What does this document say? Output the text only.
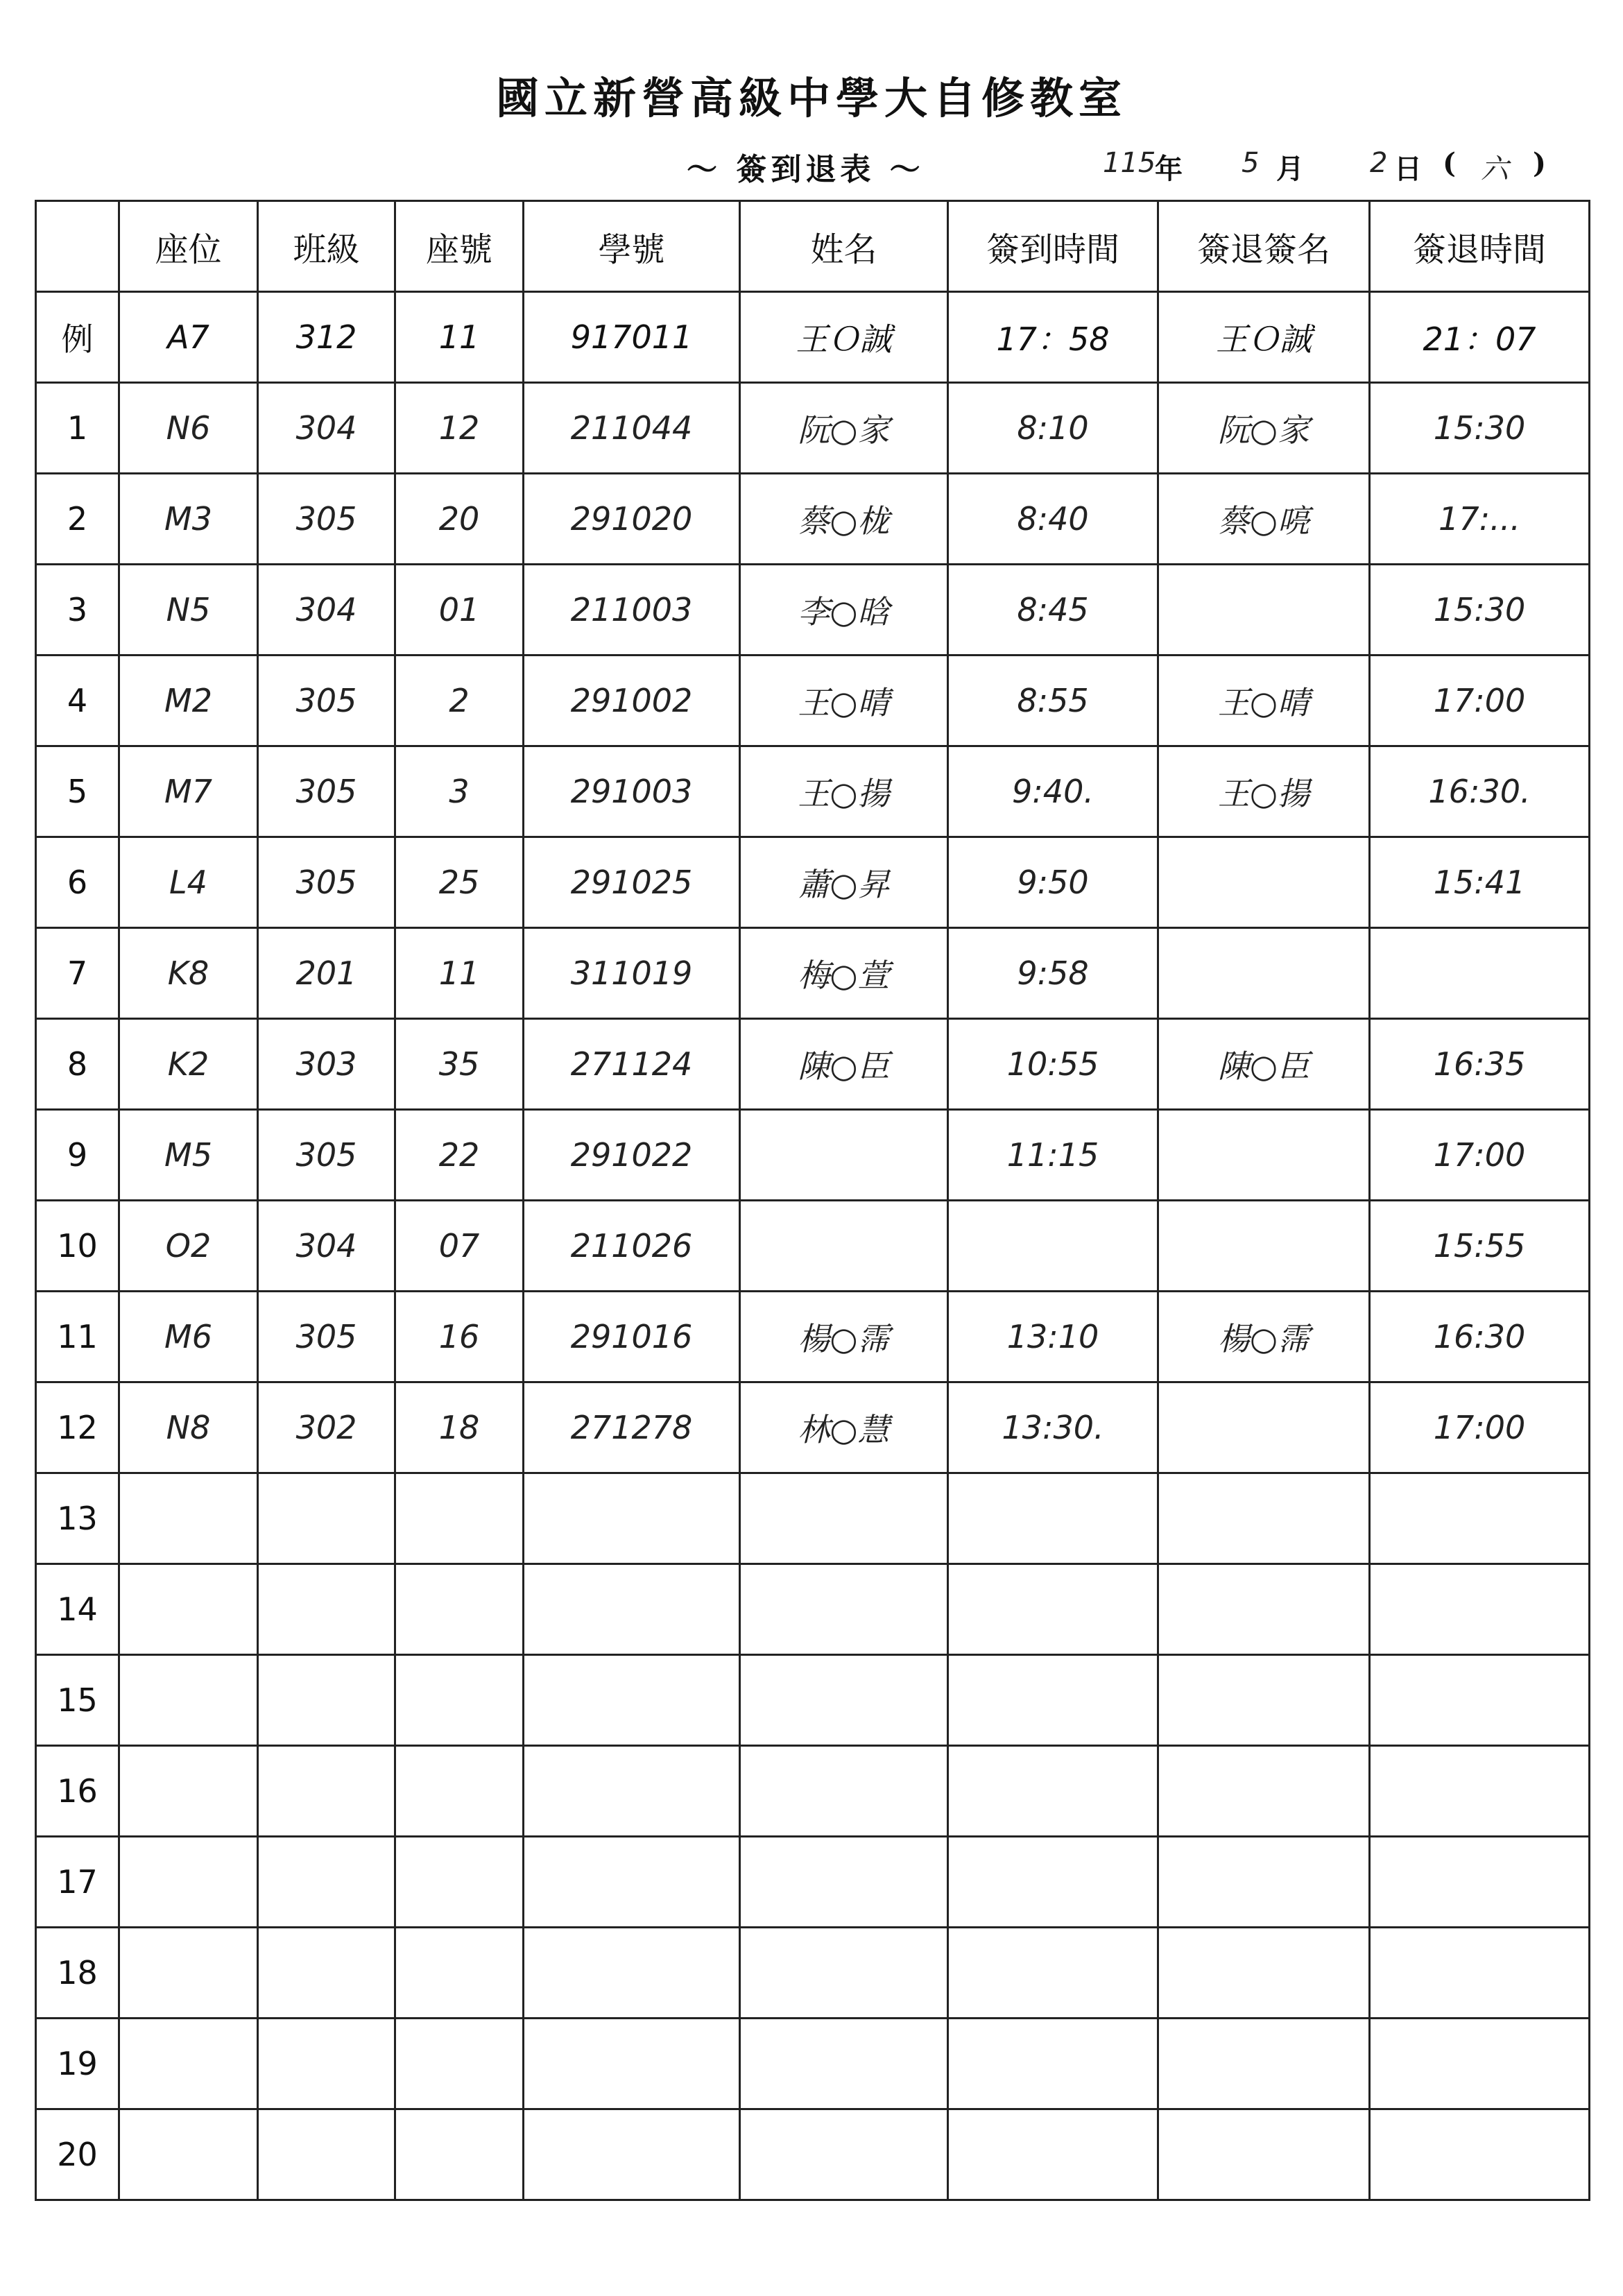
國立新營高級中學大自修教室
～ 簽到退表 ～	115
年 5 月 2 日 ( 六 )
	座位	班級	座號	學號	姓名	簽到時間	簽退簽名	簽退時間
例	A7	312	11	917011	王Ｏ誠	17：58	王Ｏ誠	21：07
1	N6	304	12	211044	阮○家	8:10	阮○家	15:30
2	M3	305	20	291020	蔡○栊	8:40	蔡○喨	17:...
3	N5	304	01	211003	李○晗	8:45		15:30
4	M2	305	2	291002	王○晴	8:55	王○晴	17:00
5	M7	305	3	291003	王○揚	9:40.	王○揚	16:30.
6	L4	305	25	291025	蕭○昇	9:50		15:41
7	K8	201	11	311019	梅○萱	9:58		
8	K2	303	35	271124	陳○臣	10:55	陳○臣	16:35
9	M5	305	22	291022		11:15		17:00
10	O2	304	07	211026				15:55
11	M6	305	16	291016	楊○霈	13:10	楊○霈	16:30
12	N8	302	18	271278	林○慧	13:30.		17:00
13								
14								
15								
16								
17								
18								
19								
20								
